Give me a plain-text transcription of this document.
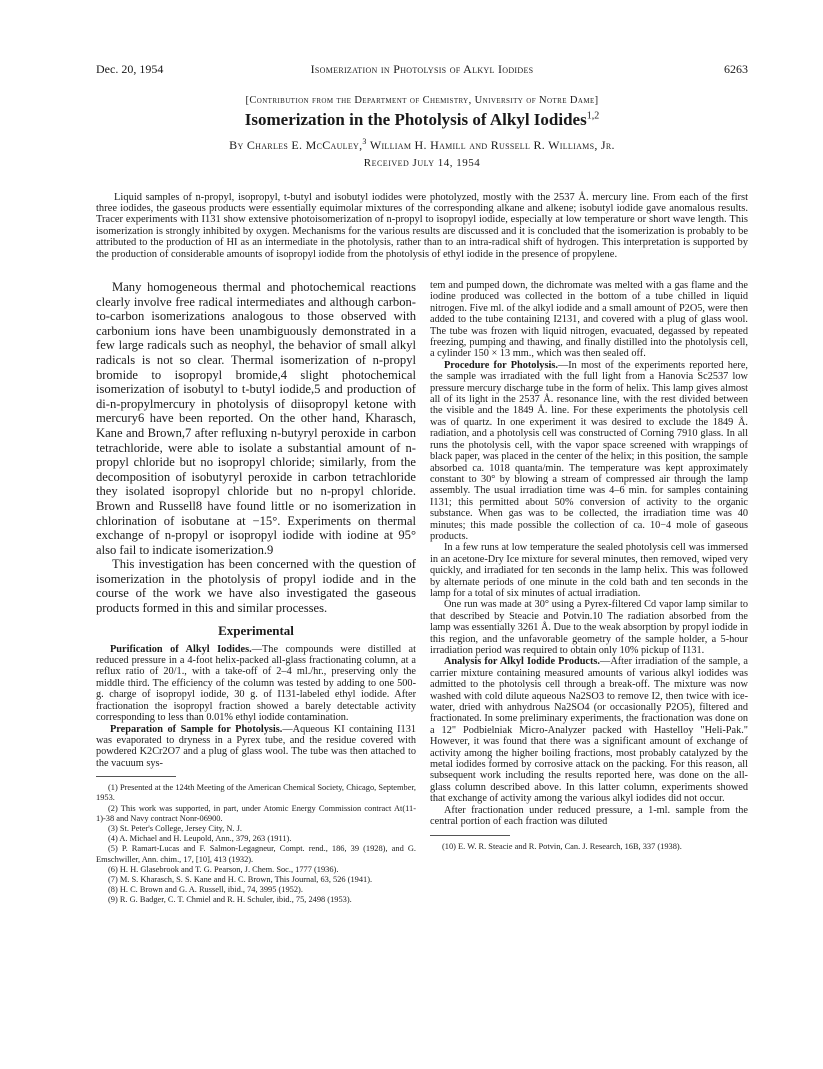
Dec. 20, 1954	Isomerization in Photolysis of Alkyl Iodides	6263
[Contribution from the Department of Chemistry, University of Notre Dame]
Isomerization in the Photolysis of Alkyl Iodides$^{1,2}$
By Charles E. McCauley,$^3$ William H. Hamill and Russell R. Williams, Jr.
Received July 14, 1954

Liquid samples of n-propyl, isopropyl, t-butyl and isobutyl iodides were photolyzed, mostly with the 2537 Å. mercury line. From each of the first three iodides, the gaseous products were essentially equimolar mixtures of the corresponding alkane and alkene; isobutyl iodide gave anomalous results. Tracer experiments with I131 show extensive photoisomerization of n-propyl to isopropyl iodide, especially at low temperature or short wave length. This isomerization is strongly inhibited by oxygen. Mechanisms for the various results are discussed and it is concluded that the isomerization is probably to be attributed to the production of HI as an intermediate in the photolysis, rather than to an intra-radical shift of hydrogen. This interpretation is supported by the production of considerable amounts of isopropyl iodide from the photolysis of ethyl iodide in the presence of propylene.

Many homogeneous thermal and photochemical reactions clearly involve free radical intermediates and although carbon-to-carbon isomerizations analogous to those observed with carbonium ions have been unambiguously demonstrated in a few large radicals such as neophyl, the behavior of small alkyl radicals is not so clear. Thermal isomerization of n-propyl bromide to isopropyl bromide,4 slight photochemical isomerization of isobutyl to t-butyl iodide,5 and production of di-n-propylmercury in photolysis of diisopropyl ketone with mercury6 have been reported. On the other hand, Kharasch, Kane and Brown,7 after refluxing n-butyryl peroxide in carbon tetrachloride, were able to isolate a substantial amount of n-propyl chloride but no isopropyl chloride; similarly, from the decomposition of isobutyryl peroxide in carbon tetrachloride they isolated isopropyl chloride but no n-propyl chloride. Brown and Russell8 have found little or no isomerization in chlorination of isobutane at −15°. Experiments on thermal exchange of n-propyl or isopropyl iodide with iodine at 95° also fail to indicate isomerization.9

This investigation has been concerned with the question of isomerization in the photolysis of propyl iodide and in the course of the work we have also investigated the gaseous products formed in this and similar processes.

Experimental

Purification of Alkyl Iodides.—The compounds were distilled at reduced pressure in a 4-foot helix-packed all-glass fractionating column, at a reflux ratio of 20/1., with a take-off of 2–4 ml./hr., preserving only the middle third. The efficiency of the column was tested by adding to one 500-g. charge of isopropyl iodide, 30 g. of I131-labeled ethyl iodide. After fractionation the isopropyl fraction showed a barely detectable activity corresponding to less than 0.01% ethyl iodide contamination.

Preparation of Sample for Photolysis.—Aqueous KI containing I131 was evaporated to dryness in a Pyrex tube, and the residue covered with powdered K2Cr2O7 and a plug of glass wool. The tube was then attached to the vacuum sys-

(1) Presented at the 124th Meeting of the American Chemical Society, Chicago, September, 1953.

(2) This work was supported, in part, under Atomic Energy Commission contract At(11-1)-38 and Navy contract Nonr-06900.

(3) St. Peter's College, Jersey City, N. J.

(4) A. Michael and H. Leupold, Ann., 379, 263 (1911).

(5) P. Ramart-Lucas and F. Salmon-Legagneur, Compt. rend., 186, 39 (1928), and G. Emschwiller, Ann. chim., 17, [10], 413 (1932).

(6) H. H. Glasebrook and T. G. Pearson, J. Chem. Soc., 1777 (1936).

(7) M. S. Kharasch, S. S. Kane and H. C. Brown, This Journal, 63, 526 (1941).

(8) H. C. Brown and G. A. Russell, ibid., 74, 3995 (1952).

(9) R. G. Badger, C. T. Chmiel and R. H. Schuler, ibid., 75, 2498 (1953).

tem and pumped down, the dichromate was melted with a gas flame and the iodine produced was collected in the bottom of a tube chilled in liquid nitrogen. Five ml. of the alkyl iodide and a small amount of P2O5, were then added to the tube containing I2131, and covered with a plug of glass wool. The tube was frozen with liquid nitrogen, evacuated, degassed by repeated freezing, pumping and thawing, and finally distilled into the photolysis cell, a cylinder 150 × 13 mm., which was then sealed off.

Procedure for Photolysis.—In most of the experiments reported here, the sample was irradiated with the full light from a Hanovia Sc2537 low pressure mercury discharge tube in the form of helix. This lamp gives almost all of its light in the 2537 Å. resonance line, with the rest divided between the visible and the 1849 Å. line. For these experiments the photolysis cell was of quartz. In one experiment it was desired to exclude the 1849 Å. radiation, and a photolysis cell was constructed of Corning 7910 glass. In all runs the photolysis cell, with the vapor space screened with wrappings of black paper, was placed in the center of the helix; in this position, the sample absorbed ca. 1018 quanta/min. The temperature was kept approximately constant to 30° by blowing a stream of compressed air through the lamp assembly. The usual irradiation time was 4–6 min. for samples containing I131; this permitted about 50% conversion of activity to the organic substance. When gas was to be collected, the irradiation time was 40 minutes; this made possible the collection of ca. 10−4 mole of gaseous products.

In a few runs at low temperature the sealed photolysis cell was immersed in an acetone-Dry Ice mixture for several minutes, then removed, wiped very quickly, and irradiated for ten seconds in the lamp helix. This was followed by alternate periods of one minute in the cold bath and ten seconds in the lamp for a total of six minutes of actual irradiation.

One run was made at 30° using a Pyrex-filtered Cd vapor lamp similar to that described by Steacie and Potvin.10 The radiation absorbed from the lamp was essentially 3261 Å. Due to the weak absorption by propyl iodide in this region, and the unfavorable geometry of the sample holder, a 5-hour irradiation period was required to obtain only 10% pickup of I131.

Analysis for Alkyl Iodide Products.—After irradiation of the sample, a carrier mixture containing measured amounts of various alkyl iodides was admitted to the photolysis cell through a break-off. The mixture was now washed with cold dilute aqueous Na2SO3 to remove I2, then twice with ice-water, dried with anhydrous Na2SO4 (or occasionally P2O5), filtered and fractionated. In some preliminary experiments, the fractionation was done on a 12" Podbielniak Micro-Analyzer packed with Hastelloy "Heli-Pak." However, it was found that there was a significant amount of exchange of activity among the higher boiling fractions, most probably catalyzed by the metal iodides formed by corrosive attack on the packing. For this reason, all subsequent work including the results reported here, was done on the all-glass column described above. In this latter column, experiments showed that exchange of activity among the various alkyl iodides did not occur.

After fractionation under reduced pressure, a 1-ml. sample from the central portion of each fraction was diluted

(10) E. W. R. Steacie and R. Potvin, Can. J. Research, 16B, 337 (1938).
